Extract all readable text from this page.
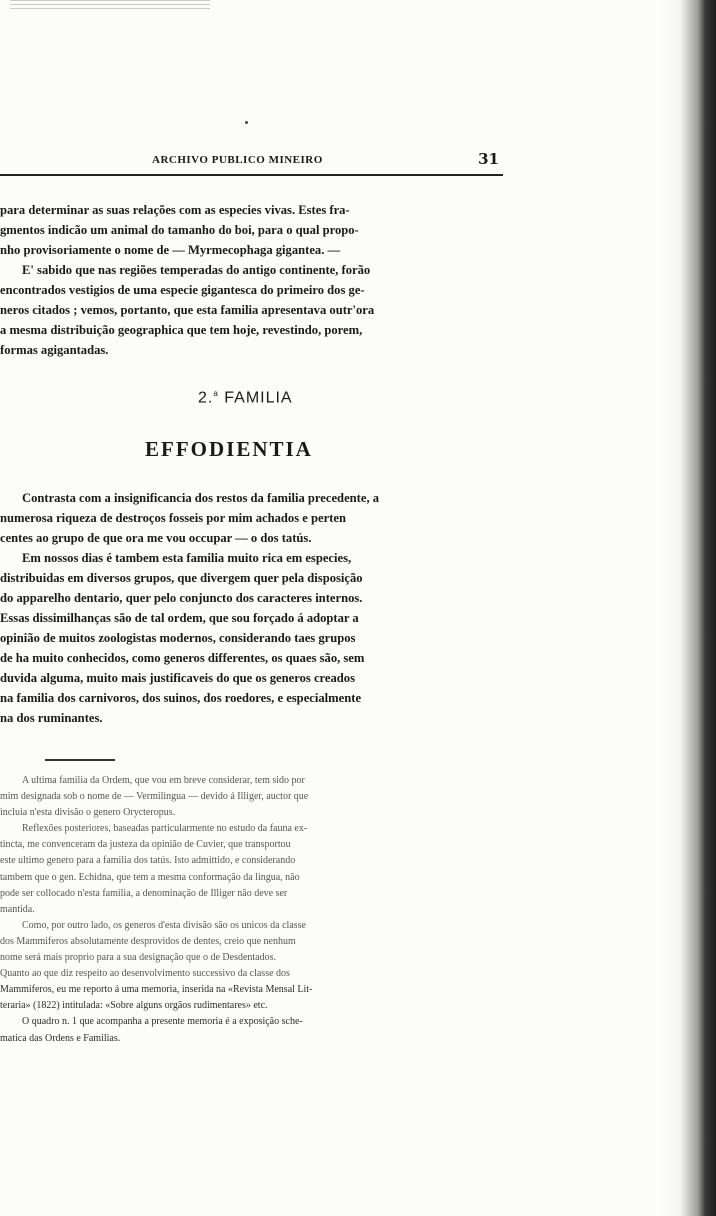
ARCHIVO PUBLICO MINEIRO	31

para determinar as suas relações com as especies vivas. Estes fra-

gmentos indicão um animal do tamanho do boi, para o qual propo-

nho provisoriamente o nome de — Myrmecophaga gigantea. —

E' sabido que nas regiões temperadas do antigo continente, forão

encontrados vestigios de uma especie gigantesca do primeiro dos ge-

neros citados ; vemos, portanto, que esta familia apresentava outr'ora

a mesma distribuição geographica que tem hoje, revestindo, porem,

formas agigantadas.

2.$^a$ FAMILIA
EFFODIENTIA

Contrasta com a insignificancia dos restos da familia precedente, a

numerosa riqueza de destroços fosseis por mim achados e perten

centes ao grupo de que ora me vou occupar — o dos tatús.

Em nossos dias é tambem esta familia muito rica em especies,

distribuidas em diversos grupos, que divergem quer pela disposição

do apparelho dentario, quer pelo conjuncto dos caracteres internos.

Essas dissimilhanças são de tal ordem, que sou forçado á adoptar a

opinião de muitos zoologistas modernos, considerando taes grupos

de ha muito conhecidos, como generos differentes, os quaes são, sem

duvida alguma, muito mais justificaveis do que os generos creados

na familia dos carnivoros, dos suinos, dos roedores, e especialmente

na dos ruminantes.

A ultima familia da Ordem, que vou em breve considerar, tem sido por

mim designada sob o nome de — Vermilingua — devido á Illiger, auctor que

incluia n'esta divisão o genero Orycteropus.

Reflexões posteriores, baseadas particularmente no estudo da fauna ex-

tincta, me convenceram da justeza da opinião de Cuvier, que transportou

este ultimo genero para a familia dos tatús. Isto admittido, e considerando

tambem que o gen. Echidna, que tem a mesma conformação da lingua, não

pode ser collocado n'esta familia, a denominação de Illiger não deve ser

mantida.

Como, por outro lado, os generos d'esta divisão são os unicos da classe

dos Mammiferos absolutamente desprovidos de dentes, creio que nenhum

nome será mais proprio para a sua designação que o de Desdentados.

Quanto ao que diz respeito ao desenvolvimento successivo da classe dos

Mammiferos, eu me reporto á uma memoria, inserida na «Revista Mensal Lit-

teraria» (1822) intitulada: «Sobre alguns orgãos rudimentares» etc.

O quadro n. 1 que acompanha a presente memoria é a exposição sche-

matica das Ordens e Familias.
